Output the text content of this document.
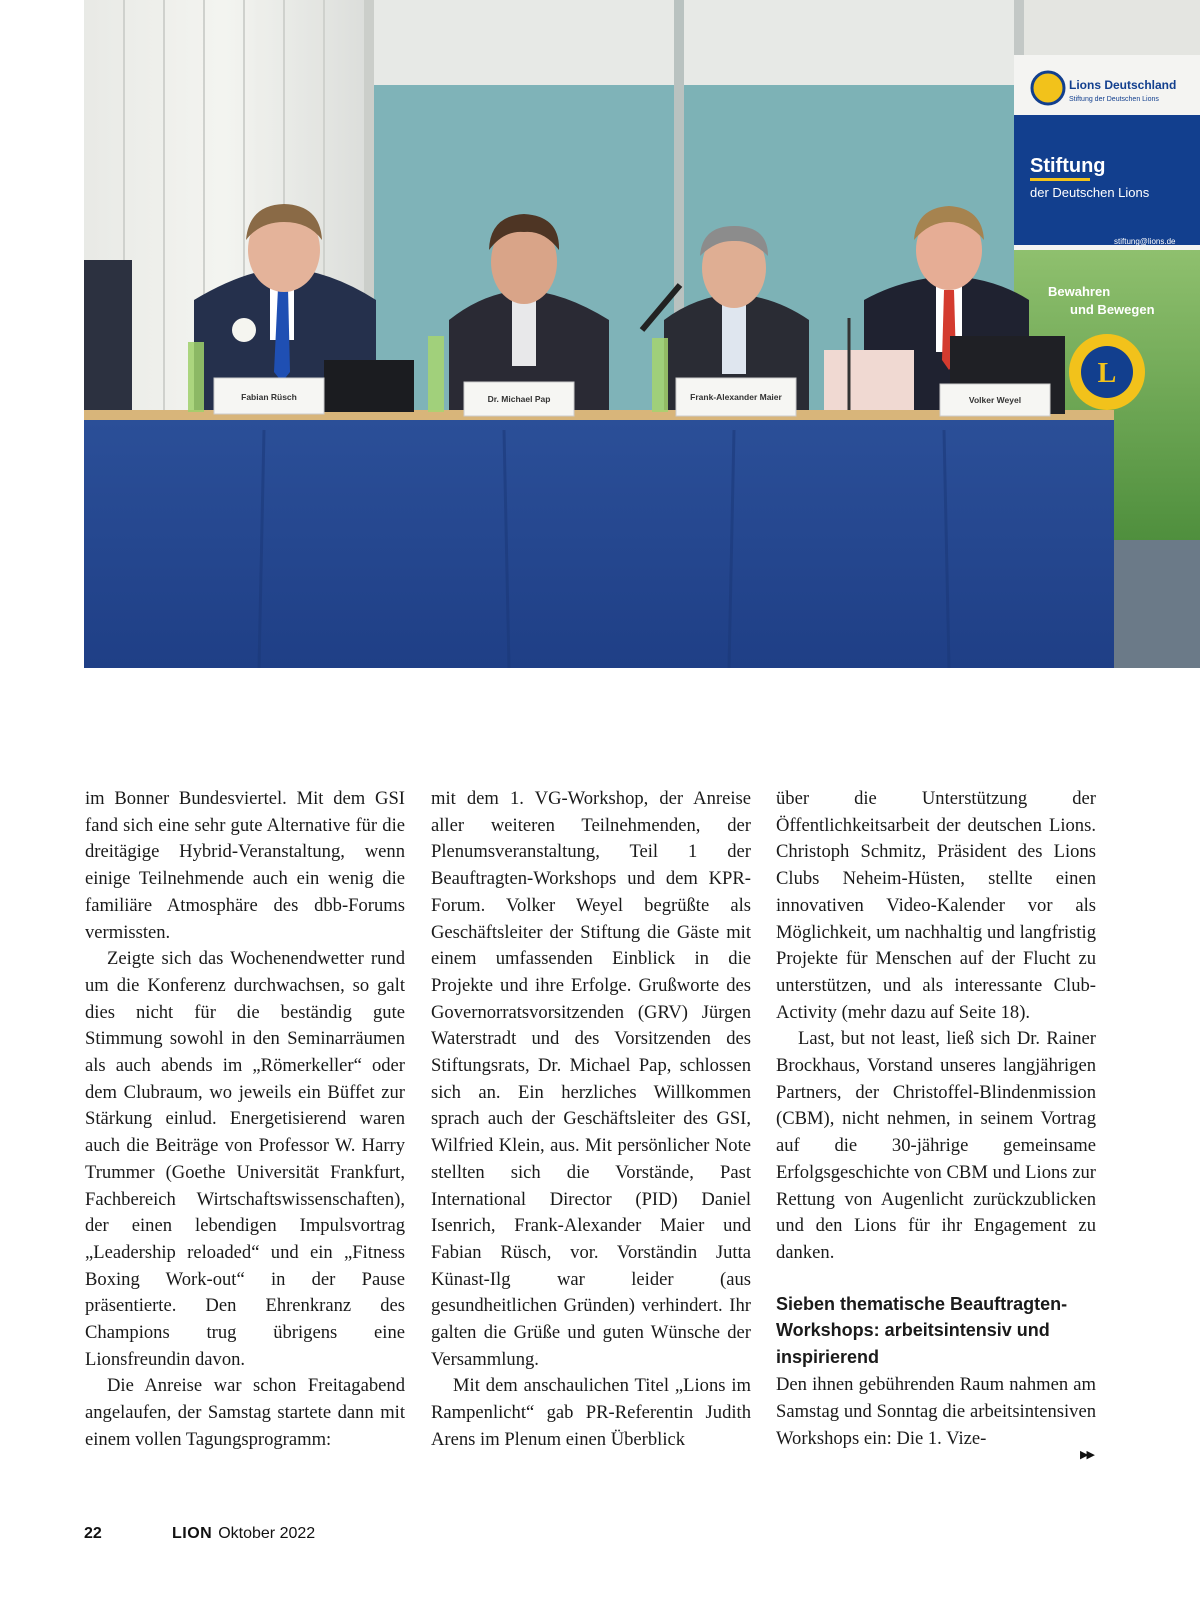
Lions Deutschland
Stiftung der Deutschen Lions
Stiftung
der Deutschen Lions
stiftung@lions.de
Bewahren
und Bewegen
L
Fabian Rüsch	Dr. Michael Pap	Frank-Alexander Maier	Volker Weyel

im Bonner Bundesviertel. Mit dem GSI fand sich eine sehr gute Alternative für die dreitägige Hybrid-Veranstaltung, wenn einige Teilnehmende auch ein wenig die familiäre Atmosphäre des dbb-Forums vermissten.

Zeigte sich das Wochenendwetter rund um die Konferenz durchwachsen, so galt dies nicht für die beständig gute Stimmung sowohl in den Seminarräumen als auch abends im „Römerkeller“ oder dem Clubraum, wo jeweils ein Büffet zur Stärkung einlud. Energetisierend waren auch die Beiträge von Professor W. Harry Trummer (Goethe Universität Frankfurt, Fachbereich Wirtschaftswissenschaften), der einen lebendigen Impulsvortrag „Leadership reloaded“ und ein „Fitness Boxing Work-out“ in der Pause präsentierte. Den Ehrenkranz des Champions trug übrigens eine Lionsfreundin davon.

Die Anreise war schon Freitagabend angelaufen, der Samstag startete dann mit einem vollen Tagungsprogramm:

mit dem 1. VG-Workshop, der Anreise aller weiteren Teilnehmenden, der Plenumsveranstaltung, Teil 1 der Beauftragten-Workshops und dem KPR-Forum. Volker Weyel begrüßte als Geschäftsleiter der Stiftung die Gäste mit einem umfassenden Einblick in die Projekte und ihre Erfolge. Grußworte des Governorratsvorsitzenden (GRV) Jürgen Waterstradt und des Vorsitzenden des Stiftungsrats, Dr. Michael Pap, schlossen sich an. Ein herzliches Willkommen sprach auch der Geschäftsleiter des GSI, Wilfried Klein, aus. Mit persönlicher Note stellten sich die Vorstände, Past International Director (PID) Daniel Isenrich, Frank-Alexander Maier und Fabian Rüsch, vor. Vorständin Jutta Künast-Ilg war leider (aus gesundheitlichen Gründen) verhindert. Ihr galten die Grüße und guten Wünsche der Versammlung.

Mit dem anschaulichen Titel „Lions im Rampenlicht“ gab PR-Referentin Judith Arens im Plenum einen Überblick

über die Unterstützung der Öffentlichkeitsarbeit der deutschen Lions. Christoph Schmitz, Präsident des Lions Clubs Neheim-Hüsten, stellte einen innovativen Video-Kalender vor als Möglichkeit, um nachhaltig und langfristig Projekte für Menschen auf der Flucht zu unterstützen, und als interessante Club-Activity (mehr dazu auf Seite 18).

Last, but not least, ließ sich Dr. Rainer Brockhaus, Vorstand unseres langjährigen Partners, der Christoffel-Blindenmission (CBM), nicht nehmen, in seinem Vortrag auf die 30-jährige gemeinsame Erfolgsgeschichte von CBM und Lions zur Rettung von Augenlicht zurückzublicken und den Lions für ihr Engagement zu danken.

Sieben thematische Beauftragten-Workshops: arbeitsintensiv und inspirierend

Den ihnen gebührenden Raum nahmen am Samstag und Sonntag die arbeitsintensiven Workshops ein: Die 1. Vize-

▶▶
22	LION Oktober 2022
